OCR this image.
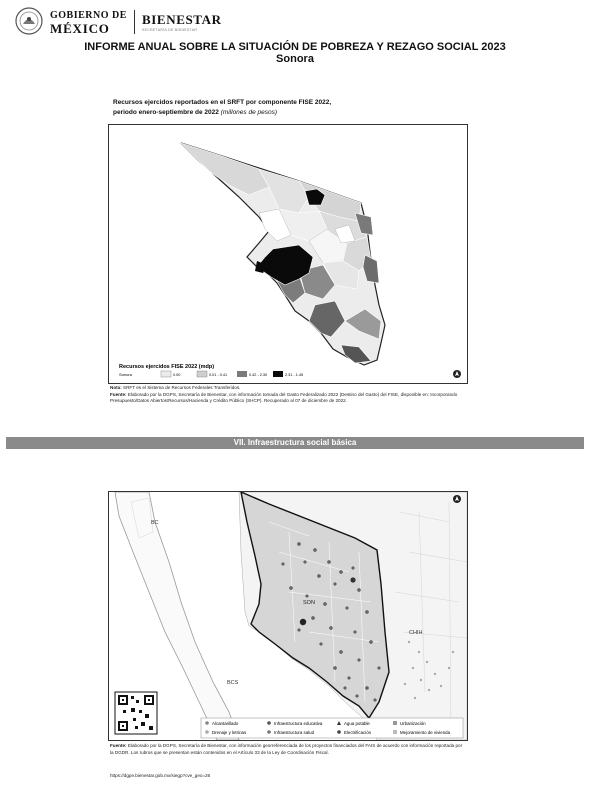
GOBIERNO DE
MÉXICO
BIENESTAR
SECRETARÍA DE BIENESTAR
INFORME ANUAL SOBRE LA SITUACIÓN DE POBREZA Y REZAGO SOCIAL 2023
Sonora
Recursos ejercidos reportados en el SRFT por componente FISE 2022,
periodo enero-septiembre de 2022 (millones de pesos)
Recursos ejercidos FISE 2022 (mdp)
Sonora	0.00	0.01 - 0.41	0.42 - 2.30	2.31 - 1.45
Nota: SRFT es el Sistema de Recursos Federales Transferidos.
Fuente: Elaborado por la DGPS, Secretaría de Bienestar, con información tomada del Gasto Federalizado 2022 (Destino del Gasto) del FISE, disponible en: Incorporando Presupuesto/Datos Abiertos/Recursos/Hacienda y Crédito Público (SHCP). Recuperado al 07 de diciembre de 2022.
VII. Infraestructura social básica
BC
SON
CHIH
BCS
Alcantarillado	Infraestructura educativa	Agua potable	Urbanización
Drenaje y letrinas	Infraestructura salud	Electrificación	Mejoramiento de vivienda
Fuente: Elaborado por la DGPS, Secretaría de Bienestar, con información georreferenciada de los proyectos financiados del FAIS de acuerdo con información reportada por la DGDR. Los rubros que se presentan están contenidos en el Artículo 33 de la Ley de Coordinación Fiscal.
https://dgpe.bienestar.gob.mx/siegp?cve_geo=26
